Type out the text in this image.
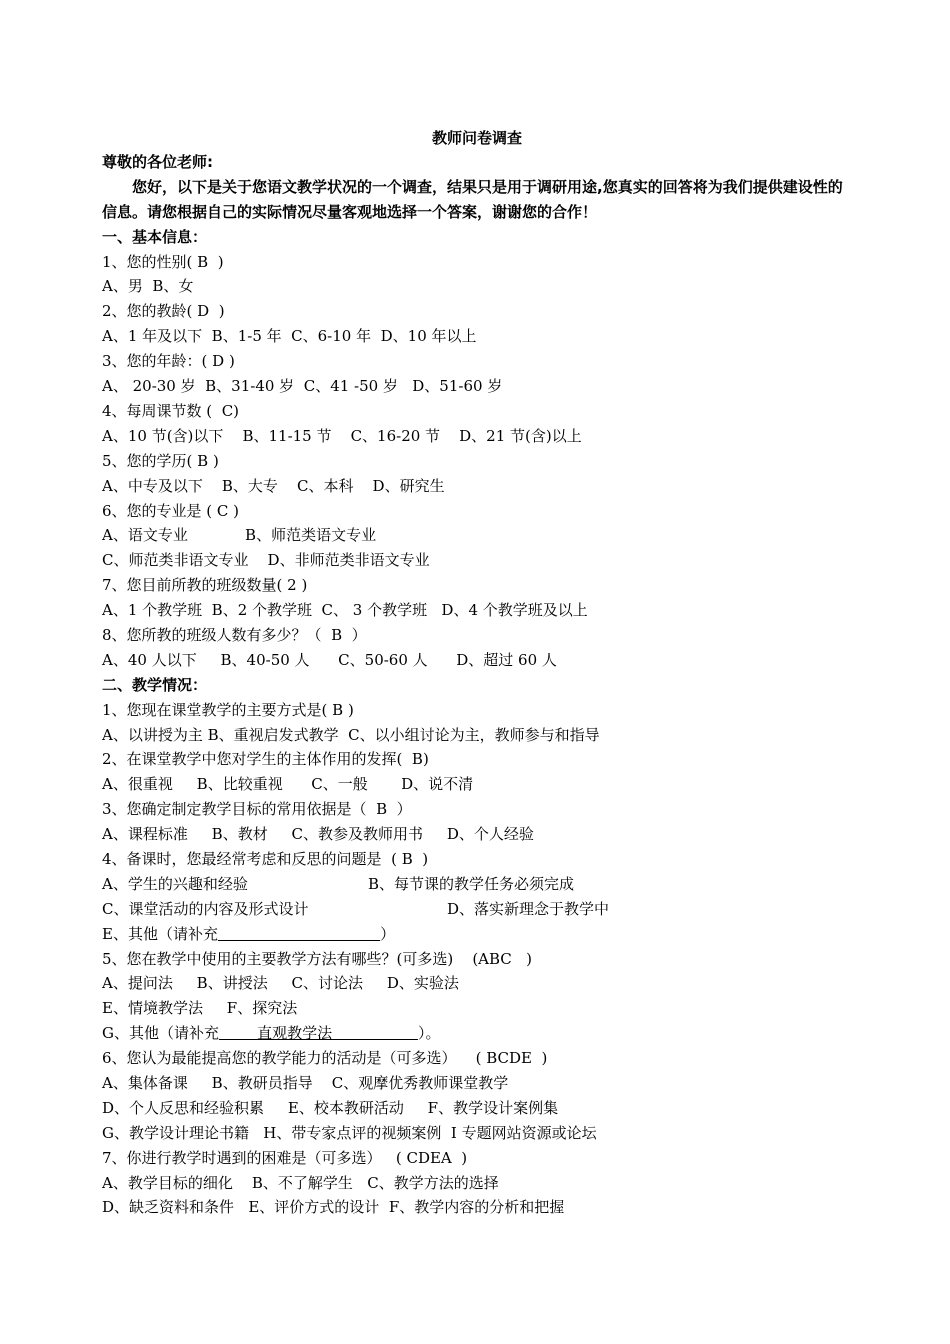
教师问卷调查
尊敬的各位老师:

您好，以下是关于您语文教学状况的一个调查，结果只是用于调研用途,您真实的回答将为我们提供建设性的信息。请您根据自己的实际情况尽量客观地选择一个答案，谢谢您的合作！

一、基本信息：
1、您的性别( B  )
A、男  B、女
2、您的教龄( D  )
A、1 年及以下  B、1-5 年  C、6-10 年  D、10 年以上
3、您的年龄：( D )
A、 20-30 岁  B、31-40 岁  C、41 -50 岁   D、51-60 岁
4、每周课节数 (  C)
A、10 节(含)以下    B、11-15 节    C、16-20 节    D、21 节(含)以上
5、您的学历( B )
A、中专及以下    B、大专    C、本科    D、研究生
6、您的专业是 ( C )
A、语文专业            B、师范类语文专业
C、师范类非语文专业    D、非师范类非语文专业
7、您目前所教的班级数量( 2 )
A、1 个教学班  B、2 个教学班  C、 3 个教学班   D、4 个教学班及以上
8、您所教的班级人数有多少？（  B  ）
A、40 人以下     B、40-50 人      C、50-60 人      D、超过 60 人
二、教学情况：
1、您现在课堂教学的主要方式是( B )
A、以讲授为主 B、重视启发式教学  C、以小组讨论为主，教师参与和指导
2、在课堂教学中您对学生的主体作用的发挥(  B)
A、很重视     B、比较重视      C、一般       D、说不清
3、您确定制定教学目标的常用依据是（  B  ）
A、课程标准     B、教材     C、教参及教师用书     D、个人经验
4、备课时，您最经常考虑和反思的问题是  ( B  )
A、学生的兴趣和经验	B、每节课的教学任务必须完成
C、课堂活动的内容及形式设计	D、落实新理念于教学中
E、其他（请补充	）
5、您在教学中使用的主要教学方法有哪些？(可多选)    (ABC   )
A、提问法     B、讲授法     C、讨论法     D、实验法
E、情境教学法     F、探究法
G、其他（请补充        直观教学法                  ）。
6、您认为最能提高您的教学能力的活动是（可多选）    ( BCDE  )
A、集体备课     B、教研员指导    C、观摩优秀教师课堂教学
D、个人反思和经验积累     E、校本教研活动     F、教学设计案例集
G、教学设计理论书籍   H、带专家点评的视频案例  I 专题网站资源或论坛
7、你进行教学时遇到的困难是（可多选）   ( CDEA  )
A、教学目标的细化    B、不了解学生   C、教学方法的选择
D、缺乏资料和条件   E、评价方式的设计  F、教学内容的分析和把握
